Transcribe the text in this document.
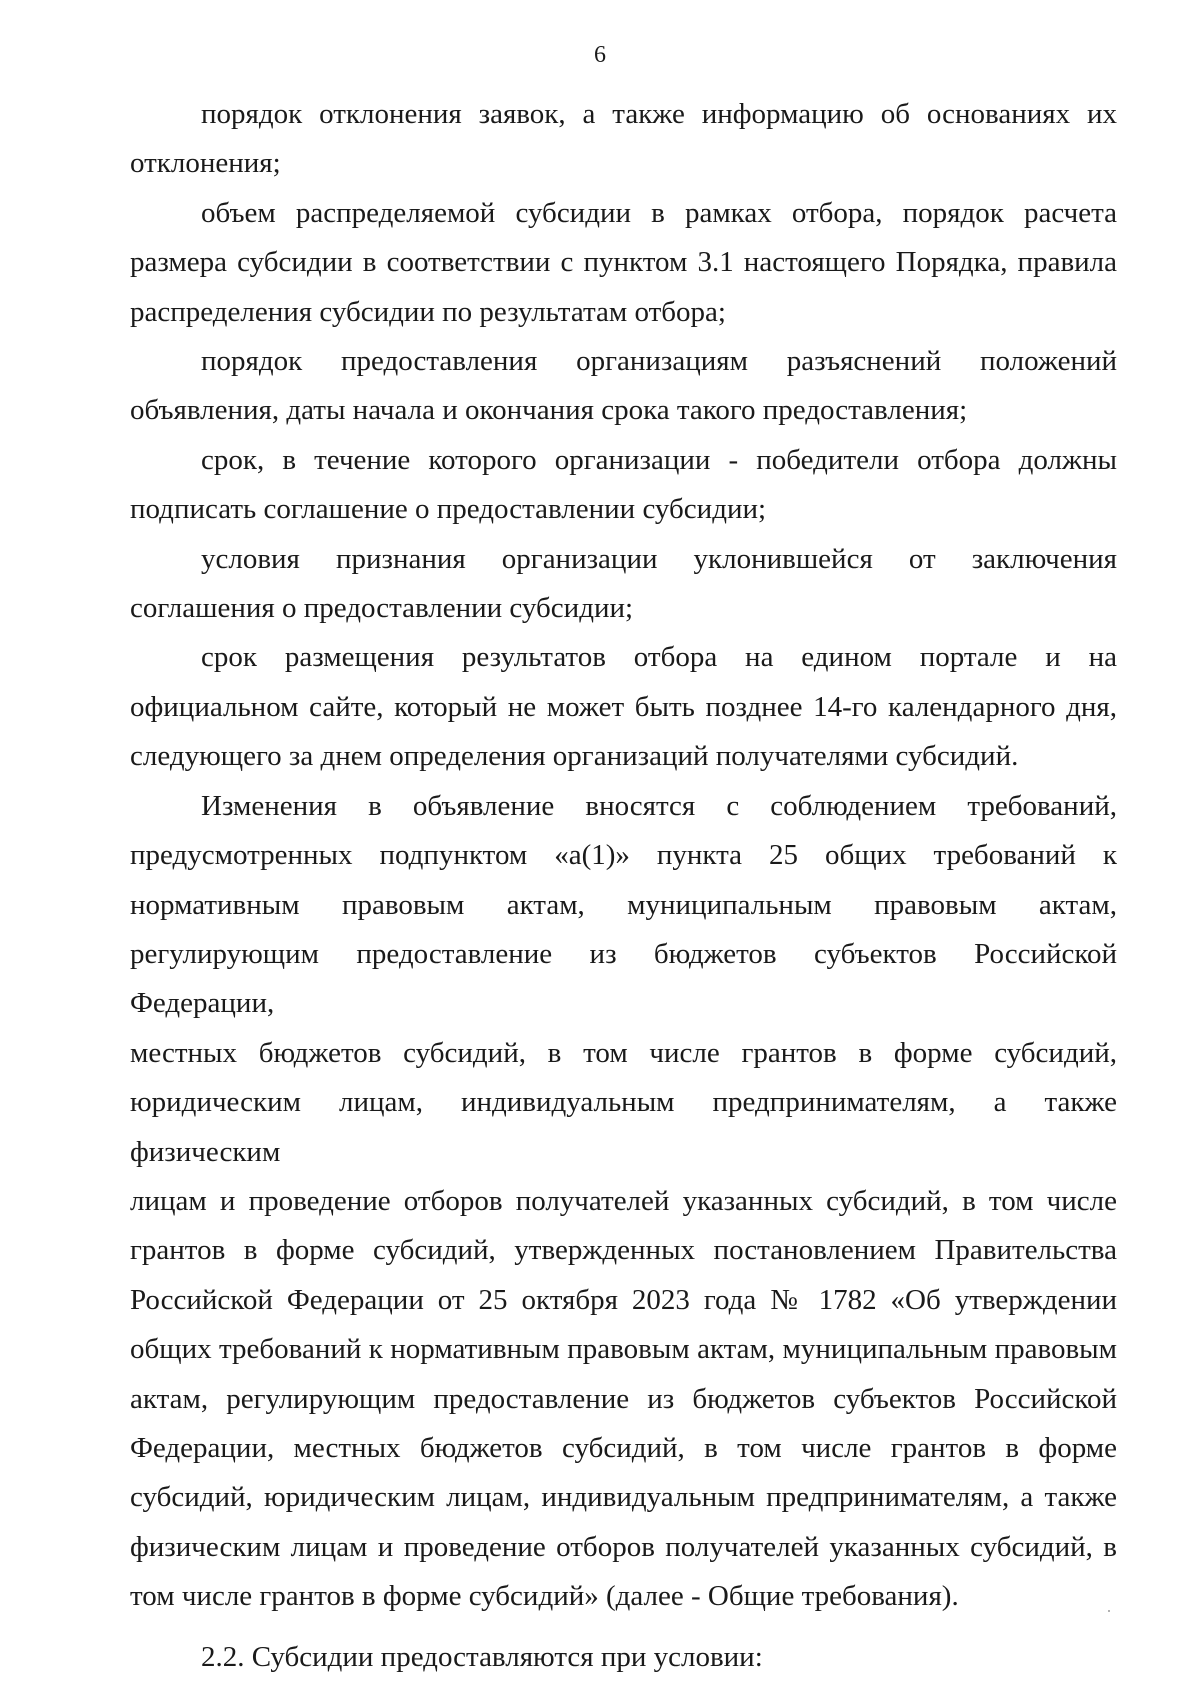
6

порядок отклонения заявок, а также информацию об основаниях их
отклонения;

объем распределяемой субсидии в рамках отбора, порядок расчета
размера субсидии в соответствии с пунктом 3.1 настоящего Порядка, правила
распределения субсидии по результатам отбора;

порядок предоставления организациям разъяснений положений
объявления, даты начала и окончания срока такого предоставления;

срок, в течение которого организации - победители отбора должны
подписать соглашение о предоставлении субсидии;

условия признания организации уклонившейся от заключения
соглашения о предоставлении субсидии;

срок размещения результатов отбора на едином портале и на
официальном сайте, который не может быть позднее 14-го календарного дня,
следующего за днем определения организаций получателями субсидий.

Изменения в объявление вносятся с соблюдением требований,
предусмотренных подпунктом «а(1)» пункта 25 общих требований к
нормативным правовым актам, муниципальным правовым актам,
регулирующим предоставление из бюджетов субъектов Российской Федерации,
местных бюджетов субсидий, в том числе грантов в форме субсидий,
юридическим лицам, индивидуальным предпринимателям, а также физическим
лицам и проведение отборов получателей указанных субсидий, в том числе
грантов в форме субсидий, утвержденных постановлением Правительства
Российской Федерации от 25 октября 2023 года № 1782 «Об утверждении
общих требований к нормативным правовым актам, муниципальным правовым
актам, регулирующим предоставление из бюджетов субъектов Российской
Федерации, местных бюджетов субсидий, в том числе грантов в форме
субсидий, юридическим лицам, индивидуальным предпринимателям, а также
физическим лицам и проведение отборов получателей указанных субсидий, в
том числе грантов в форме субсидий» (далее - Общие требования).

2.2. Субсидии предоставляются при условии:
